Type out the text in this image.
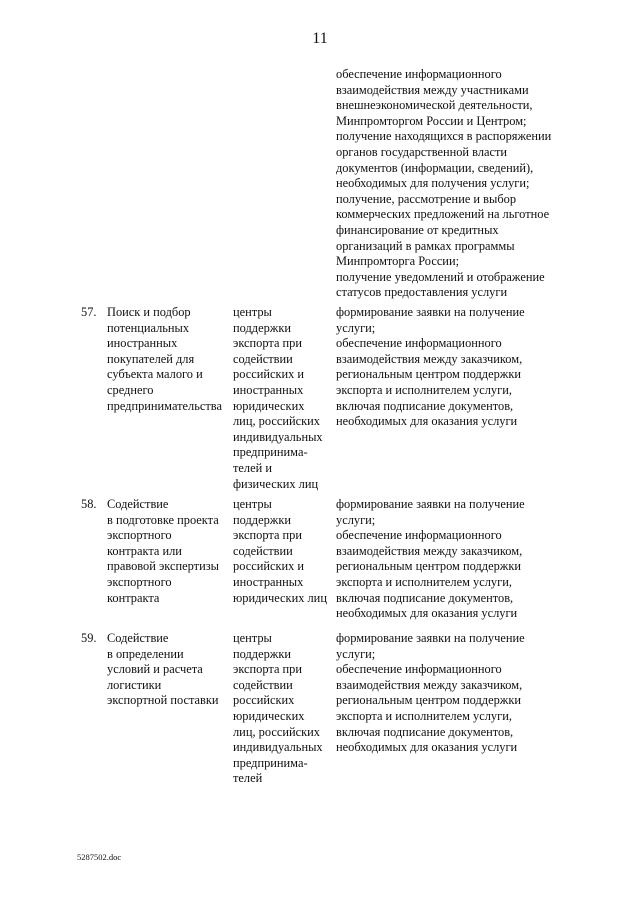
11
обеспечение информационного
взаимодействия между участниками
внешнеэкономической деятельности,
Минпромторгом России и Центром;
получение находящихся в распоряжении
органов государственной власти
документов (информации, сведений),
необходимых для получения услуги;
получение, рассмотрение и выбор
коммерческих предложений на льготное
финансирование от кредитных
организаций в рамках программы
Минпромторга России;
получение уведомлений и отображение
статусов предоставления услуги
57. Поиск и подбор
потенциальных
иностранных
покупателей для
субъекта малого и
среднего
предпринимательства
центры
поддержки
экспорта при
содействии
российских и
иностранных
юридических
лиц, российских
индивидуальных
предпринима-
телей и
физических лиц
формирование заявки на получение
услуги;
обеспечение информационного
взаимодействия между заказчиком,
региональным центром поддержки
экспорта и исполнителем услуги,
включая подписание документов,
необходимых для оказания услуги
58. Содействие
в подготовке проекта
экспортного
контракта или
правовой экспертизы
экспортного
контракта
центры
поддержки
экспорта при
содействии
российских и
иностранных
юридических лиц
формирование заявки на получение
услуги;
обеспечение информационного
взаимодействия между заказчиком,
региональным центром поддержки
экспорта и исполнителем услуги,
включая подписание документов,
необходимых для оказания услуги
59. Содействие
в определении
условий и расчета
логистики
экспортной поставки
центры
поддержки
экспорта при
содействии
российских
юридических
лиц, российских
индивидуальных
предпринима-
телей
формирование заявки на получение
услуги;
обеспечение информационного
взаимодействия между заказчиком,
региональным центром поддержки
экспорта и исполнителем услуги,
включая подписание документов,
необходимых для оказания услуги
5287502.doc
